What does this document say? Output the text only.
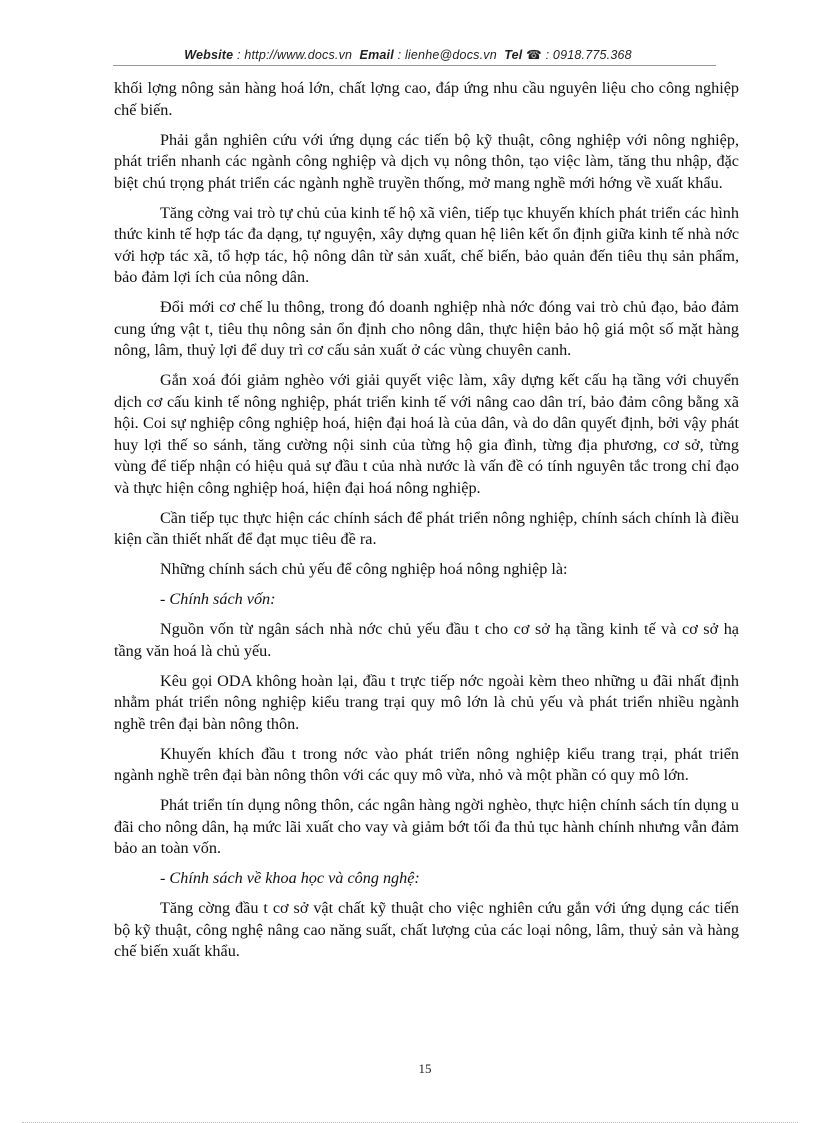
Website : http://www.docs.vn Email : lienhe@docs.vn Tel ☎ : 0918.775.368

khối lợng nông sản hàng hoá lớn, chất lợng cao, đáp ứng nhu cầu nguyên liệu cho công nghiệp chế biến.

Phải gắn nghiên cứu với ứng dụng các tiến bộ kỹ thuật, công nghiệp với nông nghiệp, phát triển nhanh các ngành công nghiệp và dịch vụ nông thôn, tạo việc làm, tăng thu nhập, đặc biệt chú trọng phát triển các ngành nghề truyền thống, mở mang nghề mới hớng về xuất khẩu.

Tăng cờng vai trò tự chủ của kinh tế hộ xã viên, tiếp tục khuyến khích phát triển các hình thức kinh tế hợp tác đa dạng, tự nguyện, xây dựng quan hệ liên kết ổn định giữa kinh tế nhà nớc với hợp tác xã, tổ hợp tác, hộ nông dân từ sản xuất, chế biến, bảo quản đến tiêu thụ sản phẩm, bảo đảm lợi ích của nông dân.

Đổi mới cơ chế lu thông, trong đó doanh nghiệp nhà nớc đóng vai trò chủ đạo, bảo đảm cung ứng vật t, tiêu thụ nông sản ổn định cho nông dân, thực hiện bảo hộ giá một số mặt hàng nông, lâm, thuỷ lợi để duy trì cơ cấu sản xuất ở các vùng chuyên canh.

Gắn xoá đói giảm nghèo với giải quyết việc làm, xây dựng kết cấu hạ tầng với chuyển dịch cơ cấu kinh tế nông nghiệp, phát triển kinh tế với nâng cao dân trí, bảo đảm công bằng xã hội. Coi sự nghiệp công nghiệp hoá, hiện đại hoá là của dân, và do dân quyết định, bởi vậy phát huy lợi thế so sánh, tăng cường nội sinh của từng hộ gia đình, từng địa phương, cơ sở, từng vùng để tiếp nhận có hiệu quả sự đầu t của nhà nước là vấn đề có tính nguyên tắc trong chỉ đạo và thực hiện công nghiệp hoá, hiện đại hoá nông nghiệp.

Cần tiếp tục thực hiện các chính sách để phát triển nông nghiệp, chính sách chính là điều kiện cần thiết nhất để đạt mục tiêu đề ra.

Những chính sách chủ yếu để công nghiệp hoá nông nghiệp là:

- Chính sách vốn:

Nguồn vốn từ ngân sách nhà nớc chủ yếu đầu t cho cơ sở hạ tầng kinh tế và cơ sở hạ tầng văn hoá là chủ yếu.

Kêu gọi ODA không hoàn lại, đầu t trực tiếp nớc ngoài kèm theo những u đãi nhất định nhằm phát triển nông nghiệp kiểu trang trại quy mô lớn là chủ yếu và phát triển nhiều ngành nghề trên đại bàn nông thôn.

Khuyến khích đầu t trong nớc vào phát triển nông nghiệp kiểu trang trại, phát triển ngành nghề trên đại bàn nông thôn với các quy mô vừa, nhỏ và một phần có quy mô lớn.

Phát triển tín dụng nông thôn, các ngân hàng ngời nghèo, thực hiện chính sách tín dụng u đãi cho nông dân, hạ mức lãi xuất cho vay và giảm bớt tối đa thủ tục hành chính nhưng vẫn đảm bảo an toàn vốn.

- Chính sách về khoa học và công nghệ:

Tăng cờng đầu t cơ sở vật chất kỹ thuật cho việc nghiên cứu gắn với ứng dụng các tiến bộ kỹ thuật, công nghệ nâng cao năng suất, chất lượng của các loại nông, lâm, thuỷ sản và hàng chế biến xuất khẩu.

15
